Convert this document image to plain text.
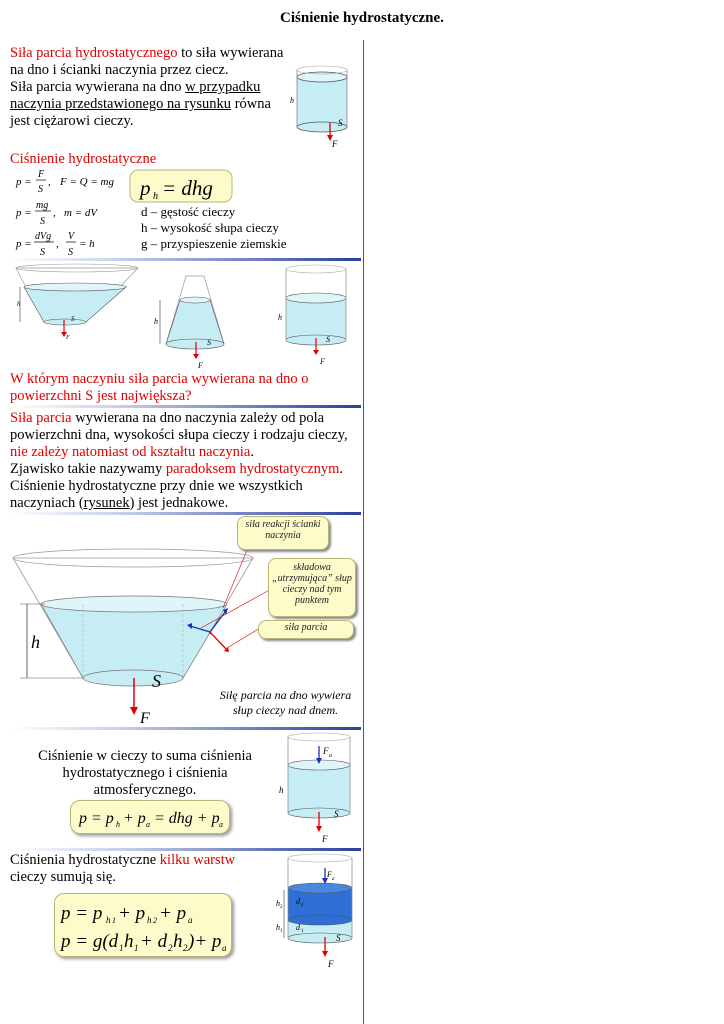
Ciśnienie hydrostatyczne.
Siła parcia hydrostatycznego to siła wywierana
na dno i ścianki naczynia przez ciecz.
Siła parcia wywierana na dno w przypadku
naczynia przedstawionego na rysunku równa
jest ciężarowi cieczy.
h
S
F
Ciśnienie hydrostatyczne
p =
F
S
, F = Q = mg
p =
mg
S
, m = dV
p =
dVg
S
,
V
S
= h
p h = dhg
d – gęstość cieczy
h – wysokość słupa cieczy
g – przyspieszenie ziemskie
h
S
F
h
S
F
h
S
F
W którym naczyniu siła parcia wywierana na dno o
powierzchni S jest największa?
Siła parcia wywierana na dno naczynia zależy od pola
powierzchni dna, wysokości słupa cieczy i rodzaju cieczy,
nie zależy natomiast od kształtu naczynia.
Zjawisko takie nazywamy paradoksem hydrostatycznym.
Ciśnienie hydrostatyczne przy dnie we wszystkich
naczyniach (rysunek) jest jednakowe.
h
S
F
siła reakcji ścianki naczynia
składowa „utrzymująca” słup cieczy nad tym punktem
siła parcia
Siłę parcia na dno wywiera słup cieczy nad dnem.
Ciśnienie w cieczy to suma ciśnienia
hydrostatycznego i ciśnienia
atmosferycznego.
p = p h + p a = dhg + p a
F a
h
S
F
Ciśnienia hydrostatyczne kilku warstw
cieczy sumują się.
p = p h 1 + p h 2 + p a
p = g(d 1 h 1 + d 2 h 2 )+ p a
F
a
d 2
d 1
h 2
h 1
S
F
